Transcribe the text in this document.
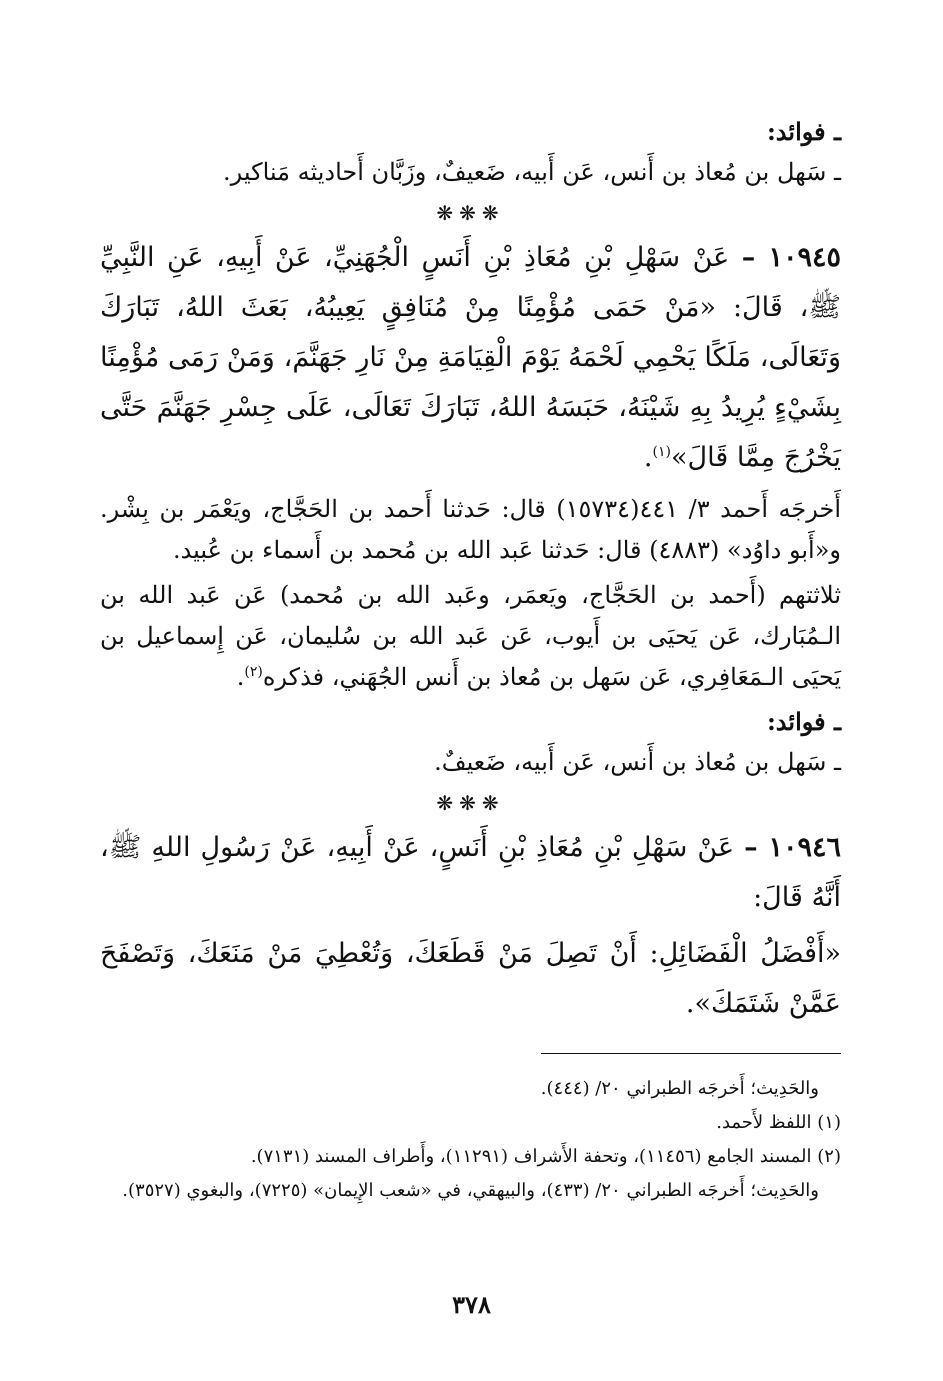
ـ فوائد:

ـ سَهل بن مُعاذ بن أَنس، عَن أَبيه، ضَعيفٌ، وزَبَّان أَحاديثه مَناكير.

❋❋❋

١٠٩٤٥ – عَنْ سَهْلِ بْنِ مُعَاذِ بْنِ أَنَسٍ الْجُهَنِيِّ، عَنْ أَبِيهِ، عَنِ النَّبِيِّ ﷺ، قَالَ: «مَنْ حَمَى مُؤْمِنًا مِنْ مُنَافِقٍ يَعِيبُهُ، بَعَثَ اللهُ، تَبَارَكَ وَتَعَالَى، مَلَكًا يَحْمِي لَحْمَهُ يَوْمَ الْقِيَامَةِ مِنْ نَارِ جَهَنَّمَ، وَمَنْ رَمَى مُؤْمِنًا بِشَيْءٍ يُرِيدُ بِهِ شَيْنَهُ، حَبَسَهُ اللهُ، تَبَارَكَ تَعَالَى، عَلَى جِسْرِ جَهَنَّمَ حَتَّى يَخْرُجَ مِمَّا قَالَ»$^{(١)}$.

أَخرجَه أَحمد ٣/ ٤٤١(١٥٧٣٤) قال: حَدثنا أَحمد بن الحَجَّاج، ويَعْمَر بن بِشْر. و«أَبو داوُد» (٤٨٨٣) قال: حَدثنا عَبد الله بن مُحمد بن أَسماء بن عُبيد.

ثلاثتهم (أَحمد بن الحَجَّاج، ويَعمَر، وعَبد الله بن مُحمد) عَن عَبد الله بن الـمُبَارك، عَن يَحيَى بن أَيوب، عَن عَبد الله بن سُليمان، عَن إِسماعيل بن يَحيَى الـمَعَافِري، عَن سَهل بن مُعاذ بن أَنس الجُهَني، فذكره$^{(٢)}$.

ـ فوائد:

ـ سَهل بن مُعاذ بن أَنس، عَن أَبيه، ضَعيفٌ.

❋❋❋

١٠٩٤٦ – عَنْ سَهْلِ بْنِ مُعَاذِ بْنِ أَنَسٍ، عَنْ أَبِيهِ، عَنْ رَسُولِ اللهِ ﷺ، أَنَّهُ قَالَ:

«أَفْضَلُ الْفَضَائِلِ: أَنْ تَصِلَ مَنْ قَطَعَكَ، وَتُعْطِيَ مَنْ مَنَعَكَ، وَتَصْفَحَ عَمَّنْ شَتَمَكَ».

والحَدِيث؛ أَخرجَه الطبراني ٢٠/ (٤٤٤).

(١) اللفظ لأَحمد.

(٢) المسند الجامع (١١٤٥٦)، وتحفة الأَشراف (١١٢٩١)، وأَطراف المسند (٧١٣١).

والحَدِيث؛ أَخرجَه الطبراني ٢٠/ (٤٣٣)، والبيهقي، في «شعب الإِيمان» (٧٢٢٥)، والبغوي (٣٥٢٧).

٣٧٨
